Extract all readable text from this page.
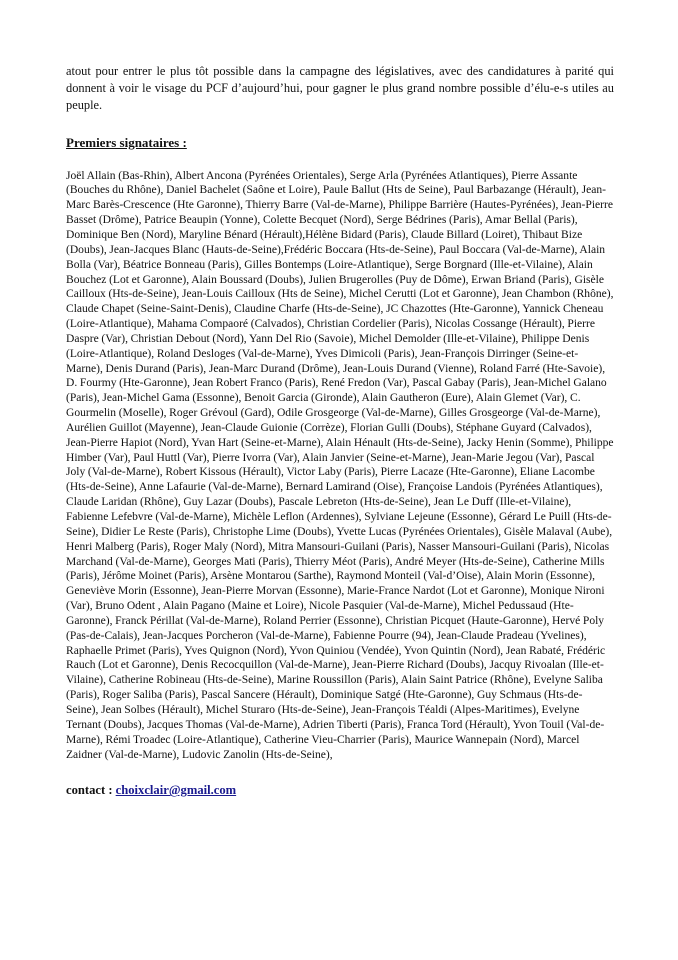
atout pour entrer le plus tôt possible dans la campagne des législatives, avec des candidatures à parité qui donnent à voir le visage du PCF d’aujourd’hui, pour gagner le plus grand nombre possible d’élu-e-s utiles au peuple.

Premiers signataires :

Joël Allain (Bas-Rhin), Albert Ancona (Pyrénées Orientales), Serge Arla (Pyrénées Atlantiques), Pierre Assante (Bouches du Rhône), Daniel Bachelet (Saône et Loire), Paule Ballut (Hts de Seine), Paul Barbazange (Hérault), Jean-Marc Barès-Crescence (Hte Garonne), Thierry Barre (Val-de-Marne), Philippe Barrière (Hautes-Pyrénées), Jean-Pierre Basset (Drôme), Patrice Beaupin (Yonne), Colette Becquet (Nord), Serge Bédrines (Paris), Amar Bellal (Paris), Dominique Ben (Nord), Maryline Bénard (Hérault),Hélène Bidard (Paris), Claude Billard (Loiret), Thibaut Bize (Doubs), Jean-Jacques Blanc (Hauts-de-Seine),Frédéric Boccara (Hts-de-Seine), Paul Boccara (Val-de-Marne), Alain Bolla (Var), Béatrice Bonneau (Paris), Gilles Bontemps (Loire-Atlantique), Serge Borgnard (Ille-et-Vilaine), Alain Bouchez (Lot et Garonne), Alain Boussard (Doubs), Julien Brugerolles (Puy de Dôme), Erwan Briand (Paris), Gisèle Cailloux (Hts-de-Seine), Jean-Louis Cailloux (Hts de Seine), Michel Cerutti (Lot et Garonne), Jean Chambon (Rhône), Claude Chapet (Seine-Saint-Denis), Claudine Charfe (Hts-de-Seine), JC Chazottes (Hte-Garonne), Yannick Cheneau (Loire-Atlantique), Mahama Compaoré (Calvados), Christian Cordelier (Paris), Nicolas Cossange (Hérault), Pierre Daspre (Var), Christian Debout (Nord), Yann Del Rio (Savoie), Michel Demolder (Ille-et-Vilaine), Philippe Denis (Loire-Atlantique), Roland Desloges (Val-de-Marne), Yves Dimicoli (Paris), Jean-François Dirringer (Seine-et-Marne), Denis Durand (Paris), Jean-Marc Durand (Drôme), Jean-Louis Durand (Vienne), Roland Farré (Hte-Savoie), D. Fourmy (Hte-Garonne), Jean Robert Franco (Paris), René Fredon (Var), Pascal Gabay (Paris), Jean-Michel Galano (Paris), Jean-Michel Gama (Essonne), Benoit Garcia (Gironde), Alain Gautheron (Eure), Alain Glemet (Var), C. Gourmelin (Moselle), Roger Grévoul (Gard), Odile Grosgeorge (Val-de-Marne), Gilles Grosgeorge (Val-de-Marne), Aurélien Guillot (Mayenne), Jean-Claude Guionie (Corrèze), Florian Gulli (Doubs), Stéphane Guyard (Calvados), Jean-Pierre Hapiot (Nord), Yvan Hart (Seine-et-Marne), Alain Hénault (Hts-de-Seine), Jacky Henin (Somme), Philippe Himber (Var), Paul Huttl (Var), Pierre Ivorra (Var), Alain Janvier (Seine-et-Marne), Jean-Marie Jegou (Var), Pascal Joly (Val-de-Marne), Robert Kissous (Hérault), Victor Laby (Paris), Pierre Lacaze (Hte-Garonne), Eliane Lacombe (Hts-de-Seine), Anne Lafaurie (Val-de-Marne), Bernard Lamirand (Oise), Françoise Landois (Pyrénées Atlantiques), Claude Laridan (Rhône), Guy Lazar (Doubs), Pascale Lebreton (Hts-de-Seine), Jean Le Duff (Ille-et-Vilaine), Fabienne Lefebvre (Val-de-Marne), Michèle Leflon (Ardennes), Sylviane Lejeune (Essonne), Gérard Le Puill (Hts-de-Seine), Didier Le Reste (Paris), Christophe Lime (Doubs), Yvette Lucas (Pyrénées Orientales), Gisèle Malaval (Aube), Henri Malberg (Paris), Roger Maly (Nord), Mitra Mansouri-Guilani (Paris), Nasser Mansouri-Guilani (Paris), Nicolas Marchand (Val-de-Marne), Georges Mati (Paris), Thierry Méot (Paris), André Meyer (Hts-de-Seine), Catherine Mills (Paris), Jérôme Moinet (Paris), Arsène Montarou (Sarthe), Raymond Monteil (Val-d’Oise), Alain Morin (Essonne), Geneviève Morin (Essonne), Jean-Pierre Morvan (Essonne), Marie-France Nardot (Lot et Garonne), Monique Nironi (Var), Bruno Odent , Alain Pagano (Maine et Loire), Nicole Pasquier (Val-de-Marne), Michel Pedussaud (Hte-Garonne), Franck Périllat (Val-de-Marne), Roland Perrier (Essonne), Christian Picquet (Haute-Garonne), Hervé Poly (Pas-de-Calais), Jean-Jacques Porcheron (Val-de-Marne), Fabienne Pourre (94), Jean-Claude Pradeau (Yvelines), Raphaelle Primet (Paris), Yves Quignon (Nord), Yvon Quiniou (Vendée), Yvon Quintin (Nord), Jean Rabaté, Frédéric Rauch (Lot et Garonne), Denis Recocquillon (Val-de-Marne), Jean-Pierre Richard (Doubs), Jacquy Rivoalan (Ille-et-Vilaine), Catherine Robineau (Hts-de-Seine), Marine Roussillon (Paris), Alain Saint Patrice (Rhône), Evelyne Saliba (Paris), Roger Saliba (Paris), Pascal Sancere (Hérault), Dominique Satgé (Hte-Garonne), Guy Schmaus (Hts-de-Seine), Jean Solbes (Hérault), Michel Sturaro (Hts-de-Seine), Jean-François Téaldi (Alpes-Maritimes), Evelyne Ternant (Doubs), Jacques Thomas (Val-de-Marne), Adrien Tiberti (Paris), Franca Tord (Hérault), Yvon Touil (Val-de-Marne), Rémi Troadec (Loire-Atlantique), Catherine Vieu-Charrier (Paris), Maurice Wannepain (Nord), Marcel Zaidner (Val-de-Marne), Ludovic Zanolin (Hts-de-Seine),

contact : choixclair@gmail.com
